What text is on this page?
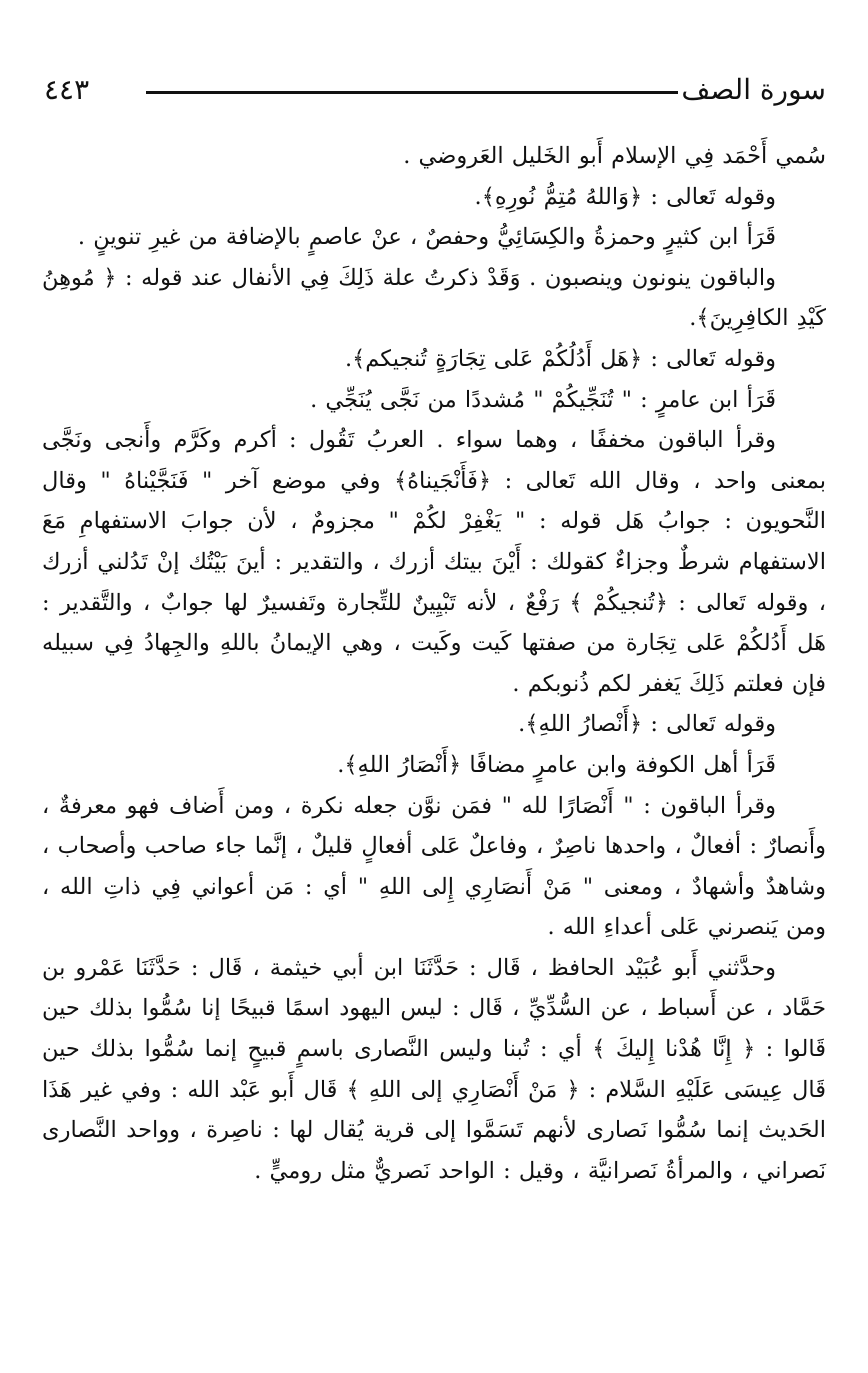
٤٤٣	سورة الصف

سُمي أَحْمَد فِي الإسلام أَبو الخَليل العَروضي .

وقوله تَعالى : ﴿وَاللهُ مُتِمُّ نُورِهِ﴾.

قَرَأ ابن كثيرٍ وحمزةُ والكِسَائِيُّ وحفصٌ ، عنْ عاصمٍ بالإضافة من غيرِ تنوينٍ .

والباقون ينونون وينصبون . وَقَدْ ذكرتُ علة ذَلِكَ فِي الأنفال عند قوله : ﴿ مُوهِنُ كَيْدِ الكافِرِينَ﴾.

وقوله تَعالى : ﴿هَل أَدُلُكُمْ عَلى تِجَارَةٍ تُنجيكم﴾.

قَرَأ ابن عامرٍ : " تُنَجِّيكُمْ " مُشددًا من نَجَّى يُنَجِّي .

وقرأ الباقون مخففًا ، وهما سواء . العربُ تَقُول : أكرم وكَرَّم وأَنجى ونَجَّى بمعنى واحد ، وقال الله تَعالى : ﴿فَأَنْجَيناهُ﴾ وفي موضع آخر " فَنَجَّيْناهُ " وقال النَّحويون : جوابُ هَل قوله : " يَغْفِرْ لكُمْ " مجزومٌ ، لأن جوابَ الاستفهامِ مَعَ الاستفهام شرطٌ وجزاءٌ كقولك : أَيْنَ بيتك أزرك ، والتقدير : أينَ بَيْتُك إنْ تَدُلني أزرك ، وقوله تَعالى : ﴿تُنجيكُمْ ﴾ رَفْعٌ ، لأنه تَبْيِينٌ للتِّجارة وتَفسيرٌ لها جوابٌ ، والتَّقدير : هَل أَدُلكُمْ عَلى تِجَارة من صفتها كَيت وكَيت ، وهي الإيمانُ باللهِ والجِهادُ فِي سبيله فإن فعلتم ذَلِكَ يَغفر لكم ذُنوبكم .

وقوله تَعالى : ﴿أَنْصارُ اللهِ﴾.

قَرَأ أهل الكوفة وابن عامرٍ مضافًا ﴿أَنْصَارُ اللهِ﴾.

وقرأ الباقون : " أَنْصَارًا لله " فمَن نوَّن جعله نكرة ، ومن أَضاف فهو معرفةٌ ، وأَنصارٌ : أفعالٌ ، واحدها ناصِرٌ ، وفاعلٌ عَلى أفعالٍ قليلٌ ، إنَّما جاء صاحب وأصحاب ، وشاهدٌ وأشهادٌ ، ومعنى " مَنْ أَنصَارِي إِلى اللهِ " أي : مَن أعواني فِي ذاتِ الله ، ومن يَنصرني عَلى أعداءِ الله .

وحدَّثني أَبو عُبَيْد الحافظ ، قَال : حَدَّثَنَا ابن أبي خيثمة ، قَال : حَدَّثَنَا عَمْرو بن حَمَّاد ، عن أَسباط ، عن السُّدِّيِّ ، قَال : ليس اليهود اسمًا قبيحًا إنا سُمُّوا بذلك حين قَالوا : ﴿ إِنَّا هُدْنا إِليكَ ﴾ أي : تُبنا وليس النَّصارى باسمٍ قبيحٍ إنما سُمُّوا بذلك حين قَال عِيسَى عَلَيْهِ السَّلام : ﴿ مَنْ أَنْصَارِي إلى اللهِ ﴾ قَال أَبو عَبْد الله : وفي غير هَذَا الحَديث إنما سُمُّوا نَصارى لأنهم تَسَمَّوا إلى قرية يُقال لها : ناصِرة ، وواحد النَّصارى نَصراني ، والمرأةُ نَصرانيَّة ، وقيل : الواحد نَصريٌّ مثل روميٍّ .
